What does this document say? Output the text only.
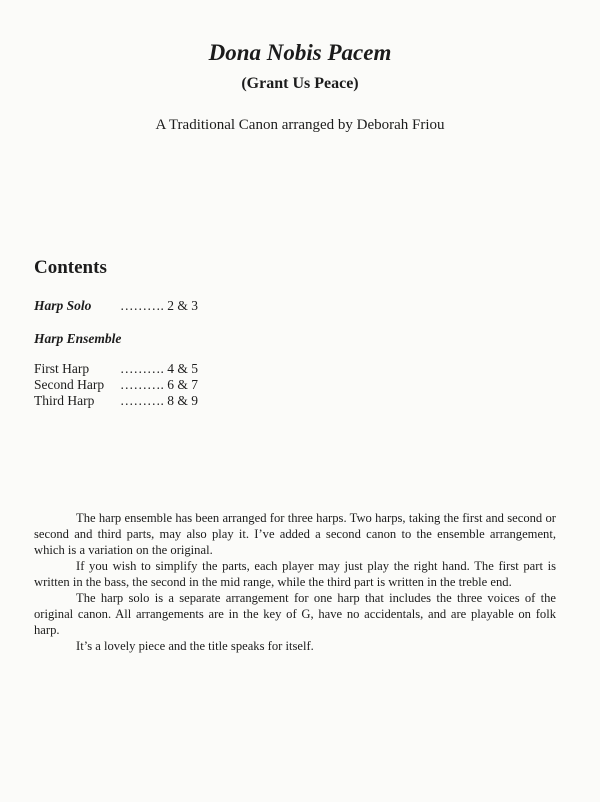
Dona Nobis Pacem
(Grant Us Peace)
A Traditional Canon arranged by Deborah Friou
Contents
Harp Solo ………. 2 & 3
Harp Ensemble
First Harp ………. 4 & 5
Second Harp ………. 6 & 7
Third Harp ………. 8 & 9

The harp ensemble has been arranged for three harps. Two harps, taking the first and second or second and third parts, may also play it. I’ve added a second canon to the ensemble arrangement, which is a variation on the original.

If you wish to simplify the parts, each player may just play the right hand. The first part is written in the bass, the second in the mid range, while the third part is written in the treble end.

The harp solo is a separate arrangement for one harp that includes the three voices of the original canon. All arrangements are in the key of G, have no accidentals, and are playable on folk harp.

It’s a lovely piece and the title speaks for itself.
